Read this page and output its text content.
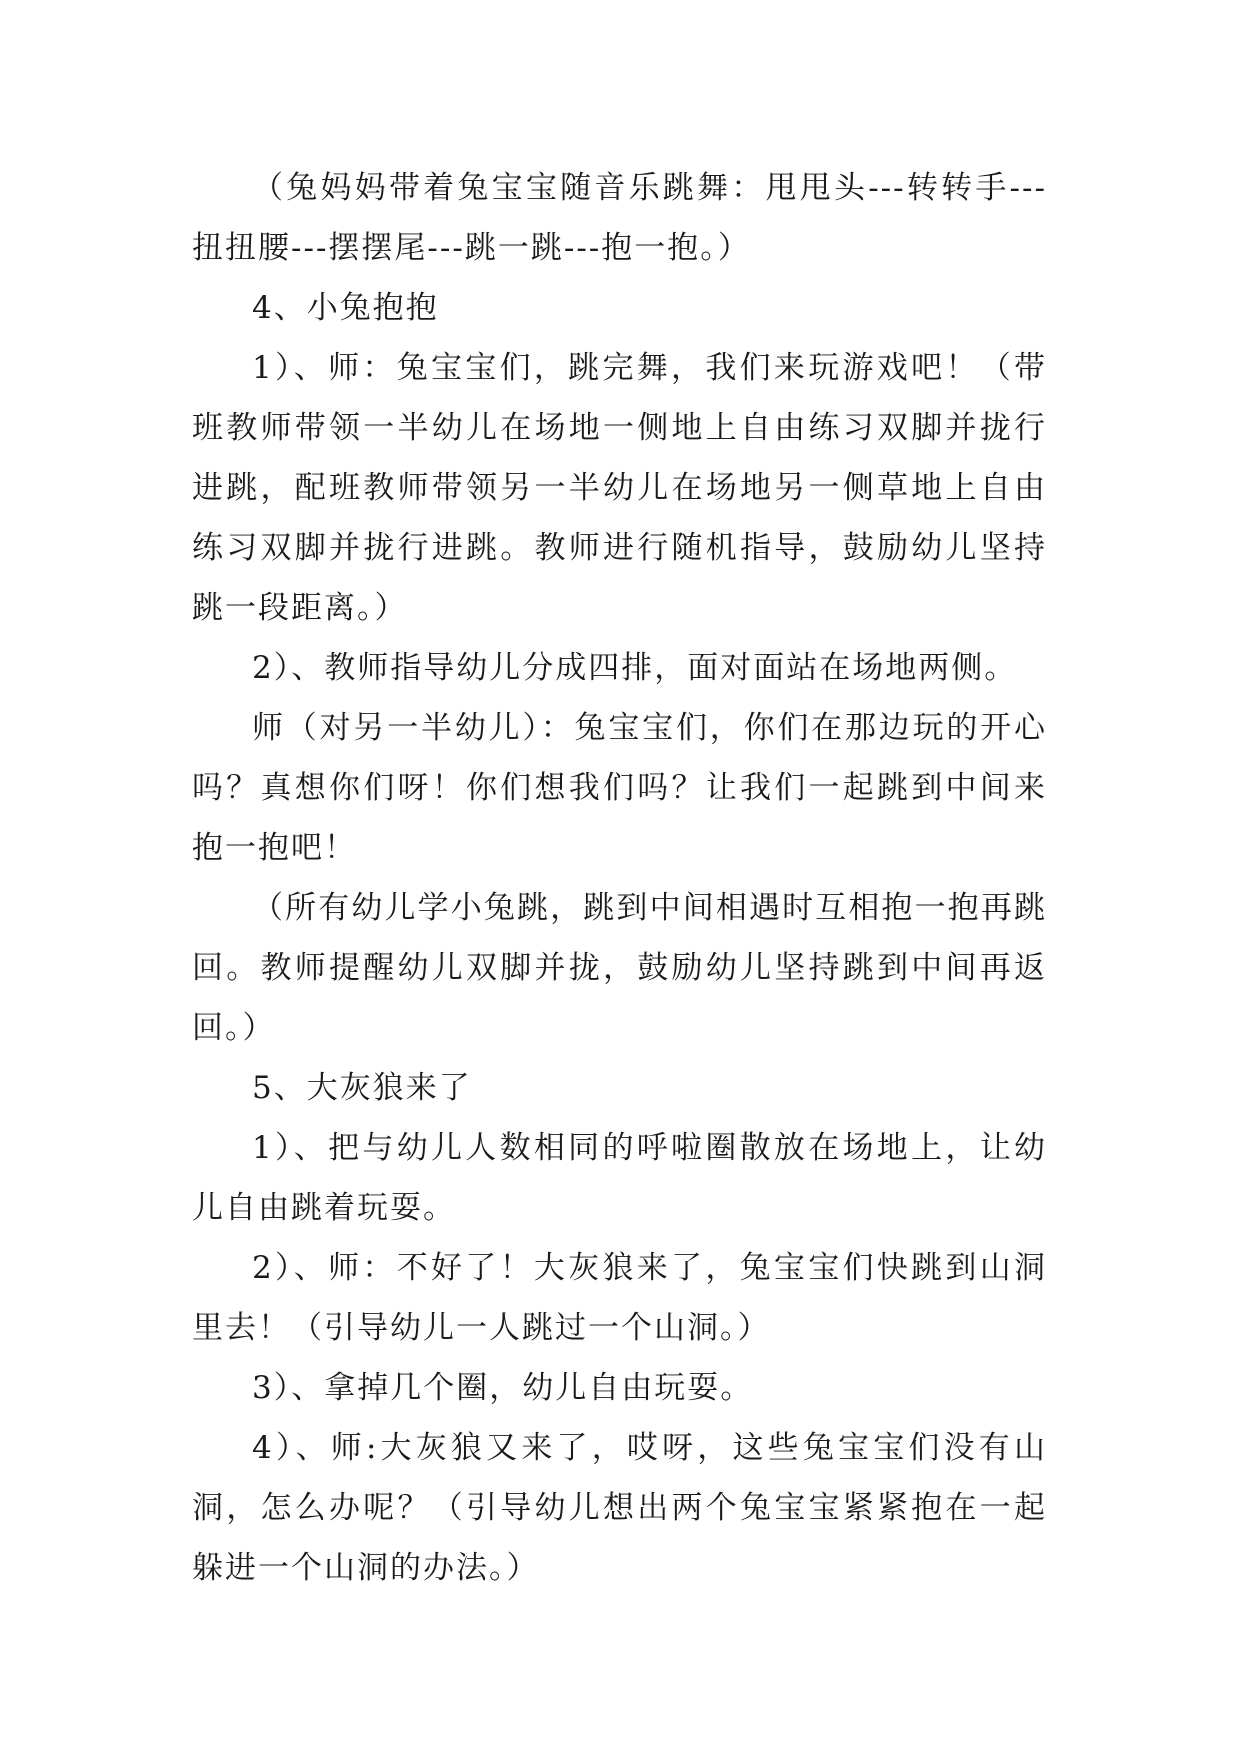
（兔妈妈带着兔宝宝随音乐跳舞：甩甩头---转转手---扭扭腰---摆摆尾---跳一跳---抱一抱。）

4、小兔抱抱

1）、师：兔宝宝们，跳完舞，我们来玩游戏吧！（带班教师带领一半幼儿在场地一侧地上自由练习双脚并拢行进跳，配班教师带领另一半幼儿在场地另一侧草地上自由练习双脚并拢行进跳。教师进行随机指导，鼓励幼儿坚持跳一段距离。）

2）、教师指导幼儿分成四排，面对面站在场地两侧。

师（对另一半幼儿）：兔宝宝们，你们在那边玩的开心吗？真想你们呀！你们想我们吗？让我们一起跳到中间来抱一抱吧！

（所有幼儿学小兔跳，跳到中间相遇时互相抱一抱再跳回。教师提醒幼儿双脚并拢，鼓励幼儿坚持跳到中间再返回。）

5、大灰狼来了

1）、把与幼儿人数相同的呼啦圈散放在场地上，让幼儿自由跳着玩耍。

2）、师：不好了！大灰狼来了，兔宝宝们快跳到山洞里去！（引导幼儿一人跳过一个山洞。）

3）、拿掉几个圈，幼儿自由玩耍。

4）、师:大灰狼又来了，哎呀，这些兔宝宝们没有山洞，怎么办呢？（引导幼儿想出两个兔宝宝紧紧抱在一起躲进一个山洞的办法。）
